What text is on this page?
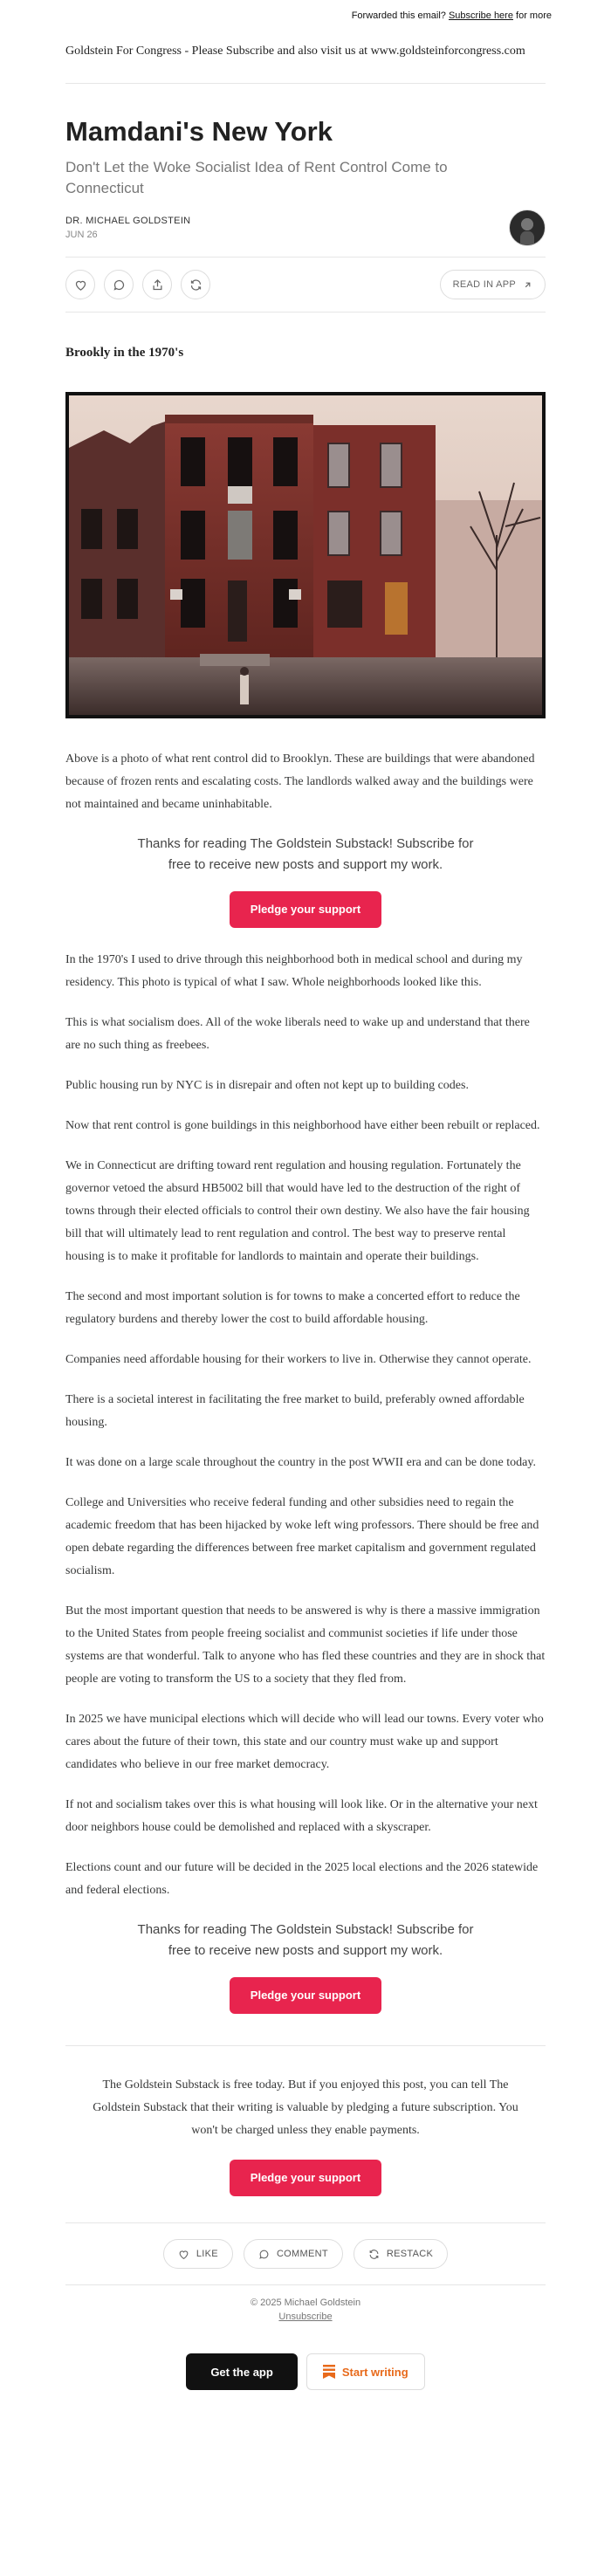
Forwarded this email? Subscribe here for more
Goldstein For Congress - Please Subscribe and also visit us at www.goldsteinforcongress.com
Mamdani's New York
Don't Let the Woke Socialist Idea of Rent Control Come to Connecticut
DR. MICHAEL GOLDSTEIN
JUN 26
READ IN APP
Brookly in the 1970's

Above is a photo of what rent control did to Brooklyn. These are buildings that were abandoned because of frozen rents and escalating costs. The landlords walked away and the buildings were not maintained and became uninhabitable.

Thanks for reading The Goldstein Substack! Subscribe for free to receive new posts and support my work.
Pledge your support

In the 1970's I used to drive through this neighborhood both in medical school and during my residency. This photo is typical of what I saw. Whole neighborhoods looked like this.

This is what socialism does. All of the woke liberals need to wake up and understand that there are no such thing as freebees.

Public housing run by NYC is in disrepair and often not kept up to building codes.

Now that rent control is gone buildings in this neighborhood have either been rebuilt or replaced.

We in Connecticut are drifting toward rent regulation and housing regulation. Fortunately the governor vetoed the absurd HB5002 bill that would have led to the destruction of the right of towns through their elected officials to control their own destiny. We also have the fair housing bill that will ultimately lead to rent regulation and control. The best way to preserve rental housing is to make it profitable for landlords to maintain and operate their buildings.

The second and most important solution is for towns to make a concerted effort to reduce the regulatory burdens and thereby lower the cost to build affordable housing.

Companies need affordable housing for their workers to live in. Otherwise they cannot operate.

There is a societal interest in facilitating the free market to build, preferably owned affordable housing.

It was done on a large scale throughout the country in the post WWII era and can be done today.

College and Universities who receive federal funding and other subsidies need to regain the academic freedom that has been hijacked by woke left wing professors. There should be free and open debate regarding the differences between free market capitalism and government regulated socialism.

But the most important question that needs to be answered is why is there a massive immigration to the United States from people freeing socialist and communist societies if life under those systems are that wonderful. Talk to anyone who has fled these countries and they are in shock that people are voting to transform the US to a society that they fled from.

In 2025 we have municipal elections which will decide who will lead our towns. Every voter who cares about the future of their town, this state and our country must wake up and support candidates who believe in our free market democracy.

If not and socialism takes over this is what housing will look like. Or in the alternative your next door neighbors house could be demolished and replaced with a skyscraper.

Elections count and our future will be decided in the 2025 local elections and the 2026 statewide and federal elections.

Thanks for reading The Goldstein Substack! Subscribe for free to receive new posts and support my work.
Pledge your support
The Goldstein Substack is free today. But if you enjoyed this post, you can tell The Goldstein Substack that their writing is valuable by pledging a future subscription. You won't be charged unless they enable payments.
Pledge your support
LIKE	COMMENT	RESTACK
© 2025 Michael Goldstein
Unsubscribe
Get the app	Start writing
